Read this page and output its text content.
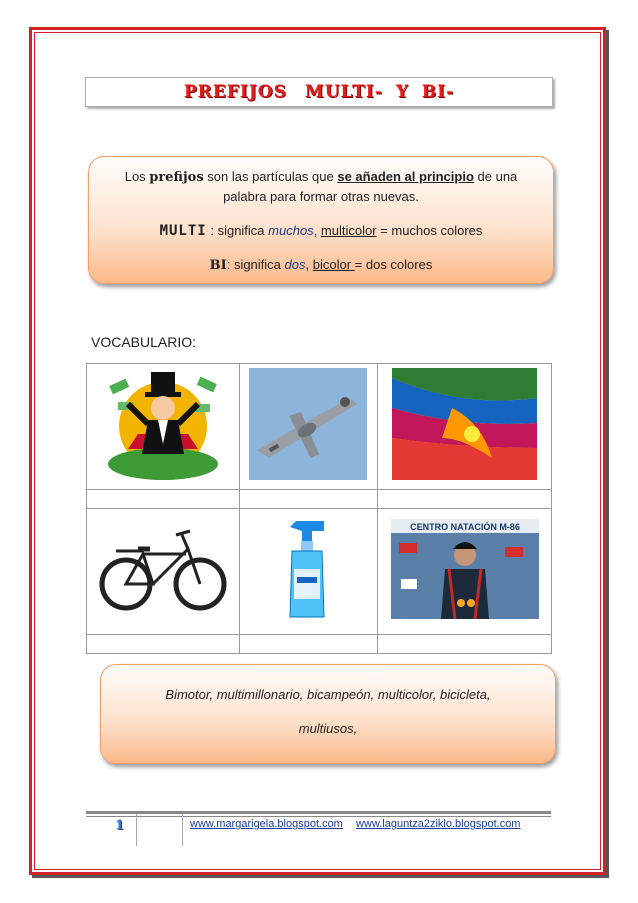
PREFIJOS MULTI- Y BI-
Los prefijos son las partículas que se añaden al principio de una
palabra para formar otras nuevas.
MULTI : significa muchos, multicolor = muchos colores
BI: significa dos, bicolor = dos colores
VOCABULARIO:

CENTRO NATACIÓN M-86

Bimotor, multimillonario, bicampeón, multicolor, bicicleta,
multiusos,
1	www.margarigela.blogspot.com www.laguntza2ziklo.blogspot.com
